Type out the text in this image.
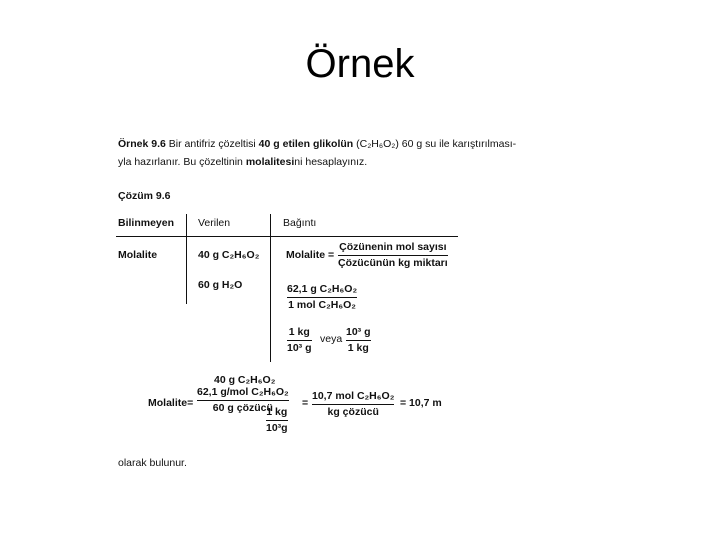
Örnek
Örnek 9.6 Bir antifriz çözeltisi 40 g etilen glikolün (C₂H₆O₂) 60 g su ile karıştırılması-
yla hazırlanır. Bu çözeltinin molalitesini hesaplayınız.
Çözüm 9.6
Bilinmeyen Verilen	Bağıntı
Molalite	40 g C₂H₆O₂
60 g H₂O
Molalite =
Çözünenin mol sayısı
Çözücünün kg miktarı
62,1 g C₂H₆O₂
1 mol C₂H₆O₂
1 kg
10³ g
veya
10³ g
1 kg
40 g C₂H₆O₂
Molalite=
62,1 g/mol C₂H₆O₂
60 g çözücü
1 kg
10³g
=
10,7 mol C₂H₆O₂
kg çözücü
= 10,7 m
olarak bulunur.
